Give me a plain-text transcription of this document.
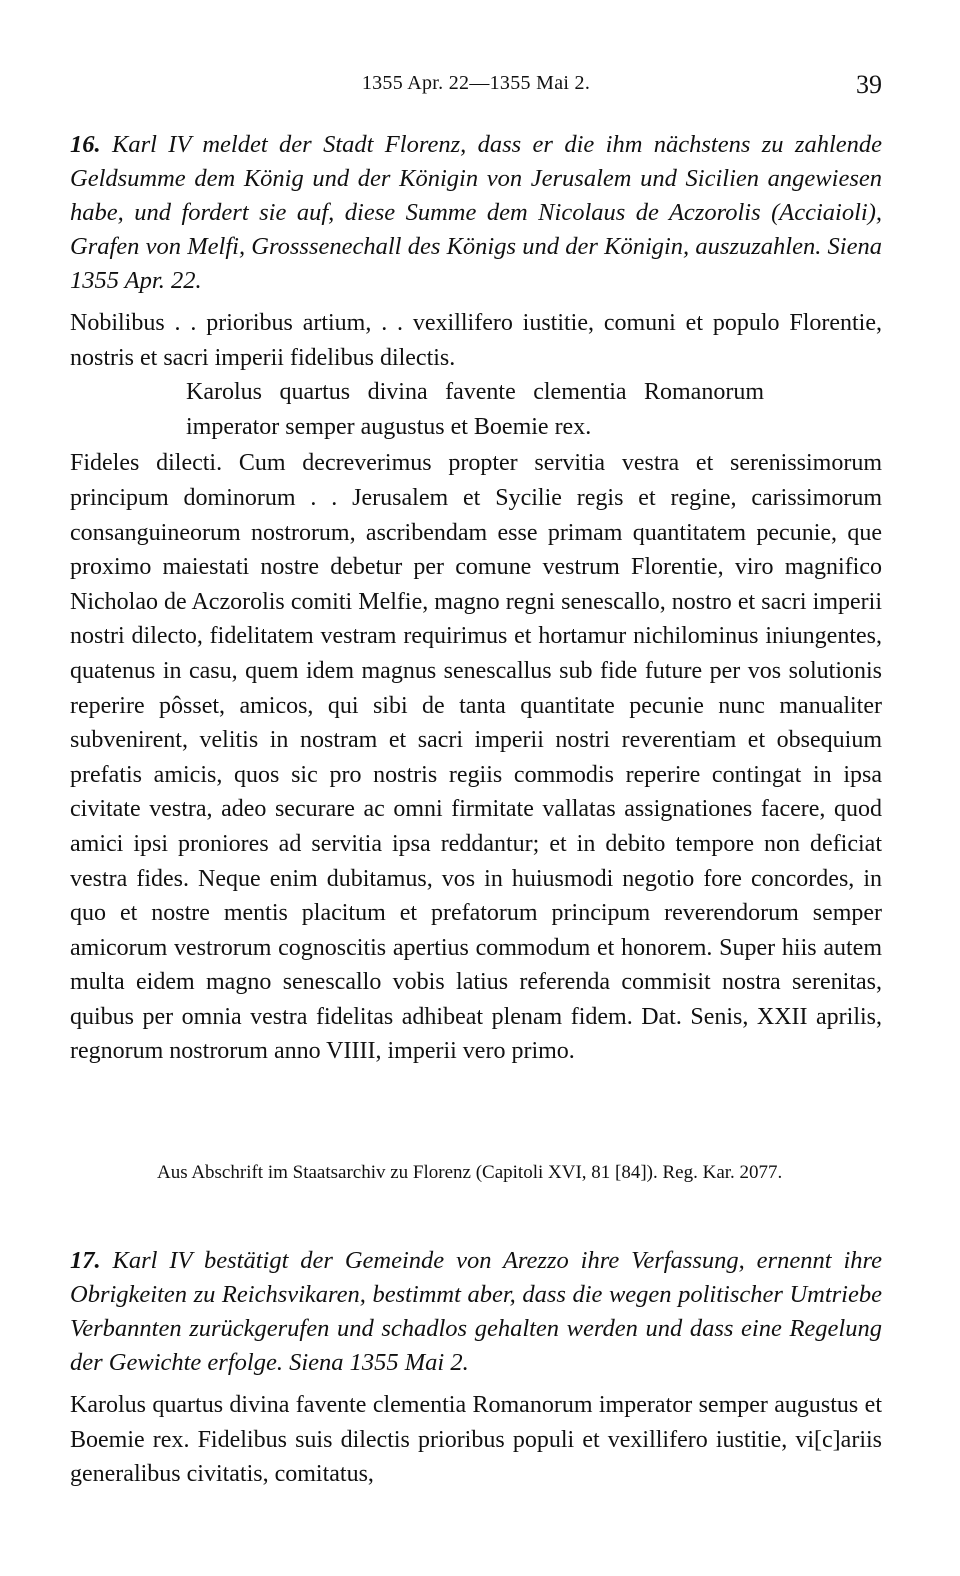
1355 Apr. 22—1355 Mai 2.	39
16. Karl IV meldet der Stadt Florenz, dass er die ihm nächstens zu zahlende Geldsumme dem König und der Königin von Jerusalem und Sicilien angewiesen habe, und fordert sie auf, diese Summe dem Nicolaus de Aczorolis (Acciaioli), Grafen von Melfi, Grosssenechall des Königs und der Königin, auszuzahlen. Siena 1355 Apr. 22.

Nobilibus . . prioribus artium, . . vexillifero iustitie, comuni et populo Florentie, nostris et sacri imperii fidelibus dilectis.

Karolus quartus divina favente clementia Romanorum imperator semper augustus et Boemie rex.

Fideles dilecti. Cum decreverimus propter servitia vestra et serenissimorum principum dominorum . . Jerusalem et Sycilie regis et regine, carissimorum consanguineorum nostrorum, ascribendam esse primam quantitatem pecunie, que proximo maiestati nostre debetur per comune vestrum Florentie, viro magnifico Nicholao de Aczorolis comiti Melfie, magno regni senescallo, nostro et sacri imperii nostri dilecto, fidelitatem vestram requirimus et hortamur nichilominus iniungentes, quatenus in casu, quem idem magnus senescallus sub fide future per vos solutionis reperire pôsset, amicos, qui sibi de tanta quantitate pecunie nunc manualiter subvenirent, velitis in nostram et sacri imperii nostri reverentiam et obsequium prefatis amicis, quos sic pro nostris regiis commodis reperire contingat in ipsa civitate vestra, adeo securare ac omni firmitate vallatas assignationes facere, quod amici ipsi proniores ad servitia ipsa reddantur; et in debito tempore non deficiat vestra fides. Neque enim dubitamus, vos in huiusmodi negotio fore concordes, in quo et nostre mentis placitum et prefatorum principum reverendorum semper amicorum vestrorum cognoscitis apertius commodum et honorem. Super hiis autem multa eidem magno senescallo vobis latius referenda commisit nostra serenitas, quibus per omnia vestra fidelitas adhibeat plenam fidem. Dat. Senis, XXII aprilis, regnorum nostrorum anno VIIII, imperii vero primo.

Aus Abschrift im Staatsarchiv zu Florenz (Capitoli XVI, 81 [84]). Reg. Kar. 2077.
17. Karl IV bestätigt der Gemeinde von Arezzo ihre Verfassung, ernennt ihre Obrigkeiten zu Reichsvikaren, bestimmt aber, dass die wegen politischer Umtriebe Verbannten zurückgerufen und schadlos gehalten werden und dass eine Regelung der Gewichte erfolge. Siena 1355 Mai 2.

Karolus quartus divina favente clementia Romanorum imperator semper augustus et Boemie rex. Fidelibus suis dilectis prioribus populi et vexillifero iustitie, vi[c]ariis generalibus civitatis, comitatus,
